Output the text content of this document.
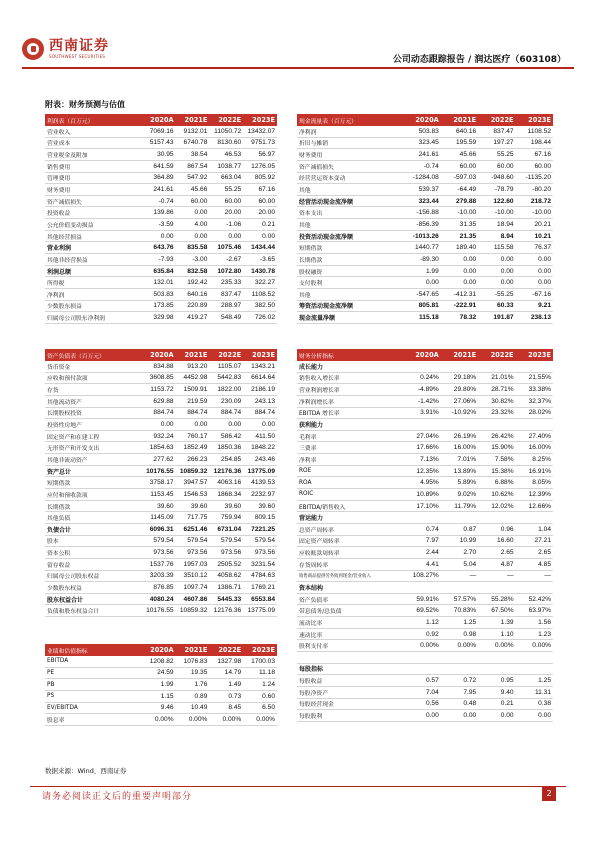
西南证券
SOUTHWEST SECURITIES	公司动态跟踪报告 / 润达医疗（603108）
附表：财务预测与估值
利润表（百万元）	2020A	2021E	2022E	2023E
营业收入	7069.16	9132.01	11050.72	13432.07
营业成本	5157.43	6740.78	8130.60	9751.73
营业税金及附加	30.95	38.54	46.53	56.97
销售费用	641.59	867.54	1038.77	1276.05
管理费用	364.89	547.92	663.04	805.92
财务费用	241.61	45.66	55.25	67.16
资产减值损失	-0.74	60.00	60.00	60.00
投资收益	139.86	0.00	20.00	20.00
公允价值变动损益	-3.59	4.00	-1.06	0.21
其他经营损益	0.00	0.00	0.00	0.00
营业利润	643.76	835.58	1075.46	1434.44
其他非经营损益	-7.93	-3.00	-2.67	-3.65
利润总额	635.84	832.58	1072.80	1430.78
所得税	132.01	192.42	235.33	322.27
净利润	503.83	640.16	837.47	1108.52
少数股东损益	173.85	220.89	288.97	382.50
归属母公司股东净利润	329.98	419.27	548.49	726.02
现金流量表（百万元）	2020A	2021E	2022E	2023E
净利润	503.83	640.16	837.47	1108.52
折旧与摊销	323.45	195.59	197.27	198.44
财务费用	241.61	45.66	55.25	67.16
资产减值损失	-0.74	60.00	60.00	60.00
经营营运资本变动	-1284.08	-597.03	-948.60	-1135.20
其他	539.37	-64.49	-78.79	-80.20
经营活动现金流净额	323.44	279.88	122.60	218.72
资本支出	-156.88	-10.00	-10.00	-10.00
其他	-856.39	31.35	18.94	20.21
投资活动现金流净额	-1013.26	21.35	8.94	10.21
短期借款	1440.77	189.40	115.58	76.37
长期借款	-89.30	0.00	0.00	0.00
股权融资	1.99	0.00	0.00	0.00
支付股利	0.00	0.00	0.00	0.00
其他	-547.65	-412.31	-55.25	-67.16
筹资活动现金流净额	805.81	-222.91	60.33	9.21
现金流量净额	115.18	78.32	191.87	238.13
资产负债表（百万元）	2020A	2021E	2022E	2023E
货币资金	834.88	913.20	1105.07	1343.21
应收和预付款项	3608.85	4452.98	5442.83	6614.64
存货	1153.72	1509.91	1822.00	2186.19
其他流动资产	629.88	219.59	230.09	243.13
长期股权投资	884.74	884.74	884.74	884.74
投资性房地产	0.00	0.00	0.00	0.00
固定资产和在建工程	932.24	760.17	586.42	411.50
无形资产和开发支出	1854.63	1852.49	1850.36	1848.22
其他非流动资产	277.62	266.23	254.85	243.46
资产总计	10176.55	10859.32	12176.36	13775.09
短期借款	3758.17	3947.57	4063.16	4139.53
应付和预收款项	1153.45	1546.53	1868.34	2232.97
长期借款	39.60	39.60	39.60	39.60
其他负债	1145.09	717.75	759.94	809.15
负债合计	6096.31	6251.46	6731.04	7221.25
股本	579.54	579.54	579.54	579.54
资本公积	973.56	973.56	973.56	973.56
留存收益	1537.76	1957.03	2505.52	3231.54
归属母公司股东权益	3203.39	3510.12	4058.62	4784.63
少数股东权益	876.85	1097.74	1386.71	1769.21
股东权益合计	4080.24	4607.86	5445.33	6553.84
负债和股东权益合计	10176.55	10859.32	12176.36	13775.09
财务分析指标	2020A	2021E	2022E	2023E
成长能力				
销售收入增长率	0.24%	29.18%	21.01%	21.55%
营业利润增长率	-4.89%	29.80%	28.71%	33.38%
净利润增长率	-1.42%	27.06%	30.82%	32.37%
EBITDA 增长率	3.91%	-10.92%	23.32%	28.02%
获利能力				
毛利率	27.04%	26.19%	26.42%	27.40%
三费率	17.66%	16.00%	15.90%	16.00%
净利率	7.13%	7.01%	7.58%	8.25%
ROE	12.35%	13.89%	15.38%	16.91%
ROA	4.95%	5.89%	6.88%	8.05%
ROIC	10.89%	9.02%	10.62%	12.39%
EBITDA/销售收入	17.10%	11.79%	12.02%	12.66%
营运能力				
总资产周转率	0.74	0.87	0.96	1.04
固定资产周转率	7.97	10.99	16.60	27.21
应收账款周转率	2.44	2.70	2.65	2.65
存货周转率	4.41	5.04	4.87	4.85
销售商品提供劳务收到现金/营业收入	108.27%	—	—	—
资本结构				
资产负债率	59.91%	57.57%	55.28%	52.42%
带息债务/总负债	69.52%	70.83%	67.50%	63.97%
流动比率	1.12	1.25	1.39	1.56
速动比率	0.92	0.98	1.10	1.23
股利支付率	0.00%	0.00%	0.00%	0.00%

每股指标				
每股收益	0.57	0.72	0.95	1.25
每股净资产	7.04	7.95	9.40	11.31
每股经营现金	0.56	0.48	0.21	0.38
每股股利	0.00	0.00	0.00	0.00
业绩和估值指标	2020A	2021E	2022E	2023E
EBITDA	1208.82	1076.83	1327.98	1700.03
PE	24.59	19.35	14.79	11.18
PB	1.99	1.76	1.49	1.24
PS	1.15	0.89	0.73	0.60
EV/EBITDA	9.46	10.49	8.45	6.50
股息率	0.00%	0.00%	0.00%	0.00%
数据来源：Wind，西南证券
请务必阅读正文后的重要声明部分	2
